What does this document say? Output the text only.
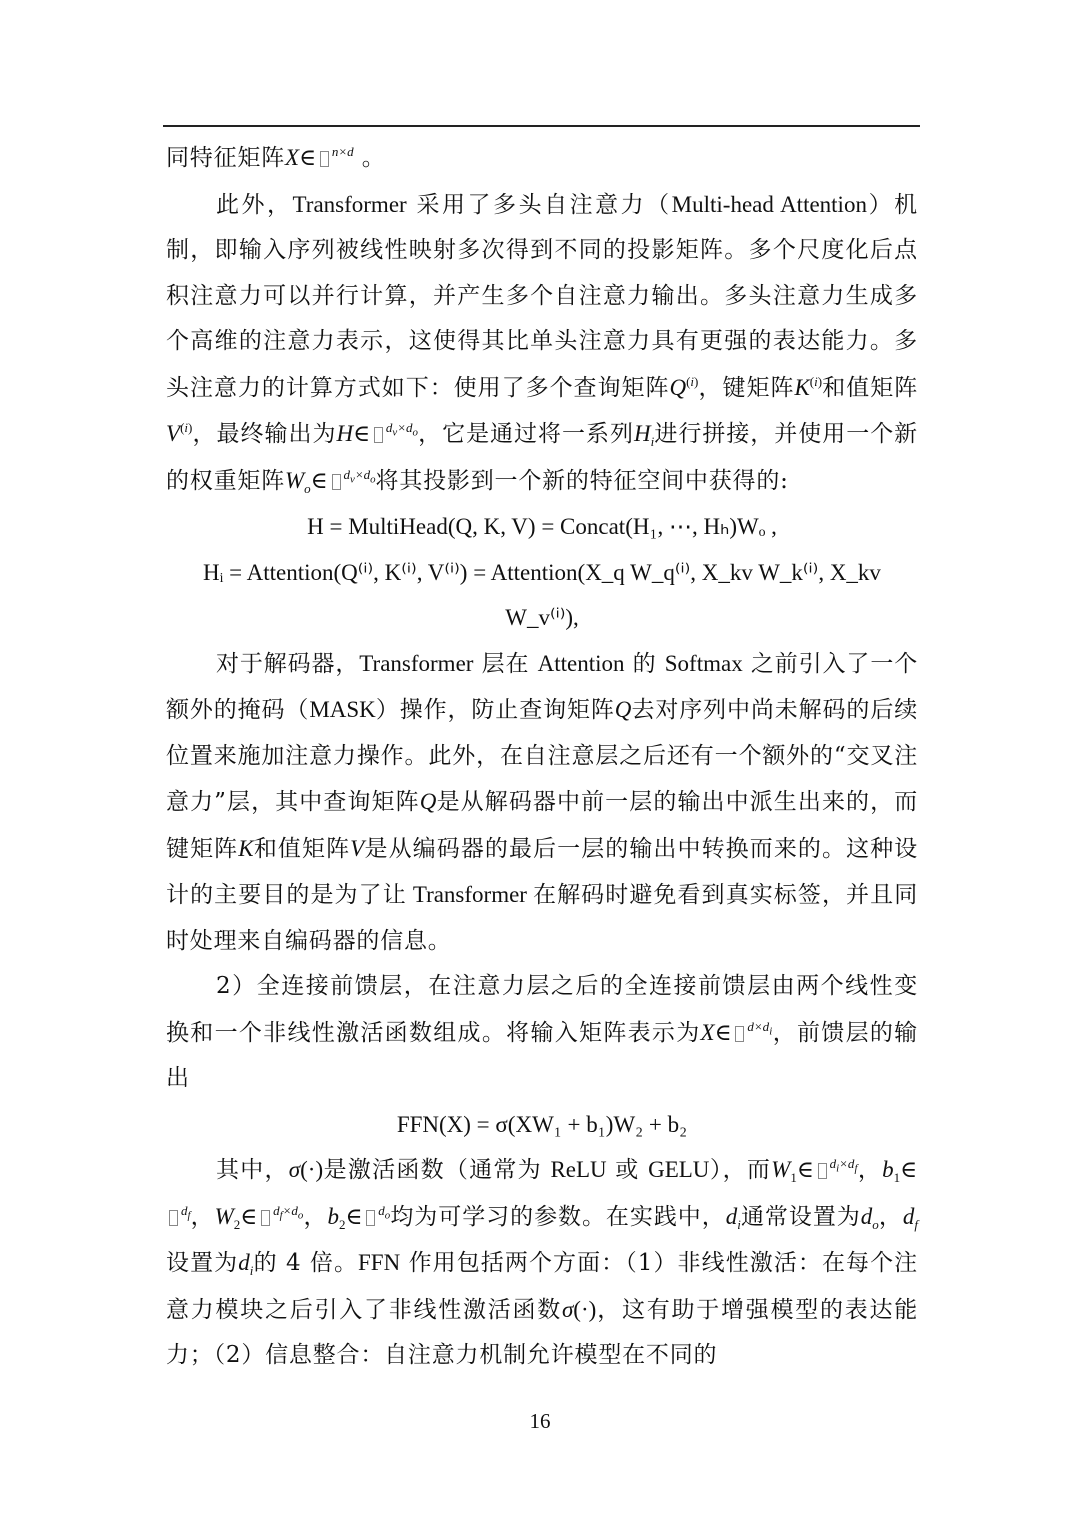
同特征矩阵X∈ $^{n\times d}$ 。

此外，Transformer 采用了多头自注意力（Multi-head Attention）机制，即输入序列被线性映射多次得到不同的投影矩阵。多个尺度化后点积注意力可以并行计算，并产生多个自注意力输出。多头注意力生成多个高维的注意力表示，这使得其比单头注意力具有更强的表达能力。多头注意力的计算方式如下：使用了多个查询矩阵$Q^{(i)}$，键矩阵$K^{(i)}$和值矩阵$V^{(i)}$，最终输出为H∈ $^{d_v\times d_o}$，它是通过将一系列$H_i$进行拼接，并使用一个新的权重矩阵$W_o\in$ $^{d_v\times d_o}$将其投影到一个新的特征空间中获得的:

H = MultiHead(Q, K, V) = Concat(H₁, ⋯, Hₕ)Wₒ ,
Hᵢ = Attention(Q⁽ⁱ⁾, K⁽ⁱ⁾, V⁽ⁱ⁾) = Attention(X_q W_q⁽ⁱ⁾, X_kv W_k⁽ⁱ⁾, X_kv W_v⁽ⁱ⁾),

对于解码器，Transformer 层在 Attention 的 Softmax 之前引入了一个额外的掩码（MASK）操作，防止查询矩阵Q去对序列中尚未解码的后续位置来施加注意力操作。此外，在自注意层之后还有一个额外的“交叉注意力”层，其中查询矩阵Q是从解码器中前一层的输出中派生出来的，而键矩阵K和值矩阵V是从编码器的最后一层的输出中转换而来的。这种设计的主要目的是为了让 Transformer 在解码时避免看到真实标签，并且同时处理来自编码器的信息。

2）全连接前馈层，在注意力层之后的全连接前馈层由两个线性变换和一个非线性激活函数组成。将输入矩阵表示为X∈ $^{d\times d_i}$，前馈层的输出

FFN(X) = σ(XW₁ + b₁)W₂ + b₂

其中，σ(·)是激活函数（通常为 ReLU 或 GELU），而$W_1\in$ $^{d_i\times d_f}$，$b_1\in^{d_f}$，$W_2\in$ $^{d_f\times d_o}$，$b_2\in$ $^{d_o}$均为可学习的参数。在实践中，$d_i$通常设置为$d_o$，$d_f$设置为$d_i$的 4 倍。FFN 作用包括两个方面：（1）非线性激活：在每个注意力模块之后引入了非线性激活函数σ(·)，这有助于增强模型的表达能力；（2）信息整合：自注意力机制允许模型在不同的

16
